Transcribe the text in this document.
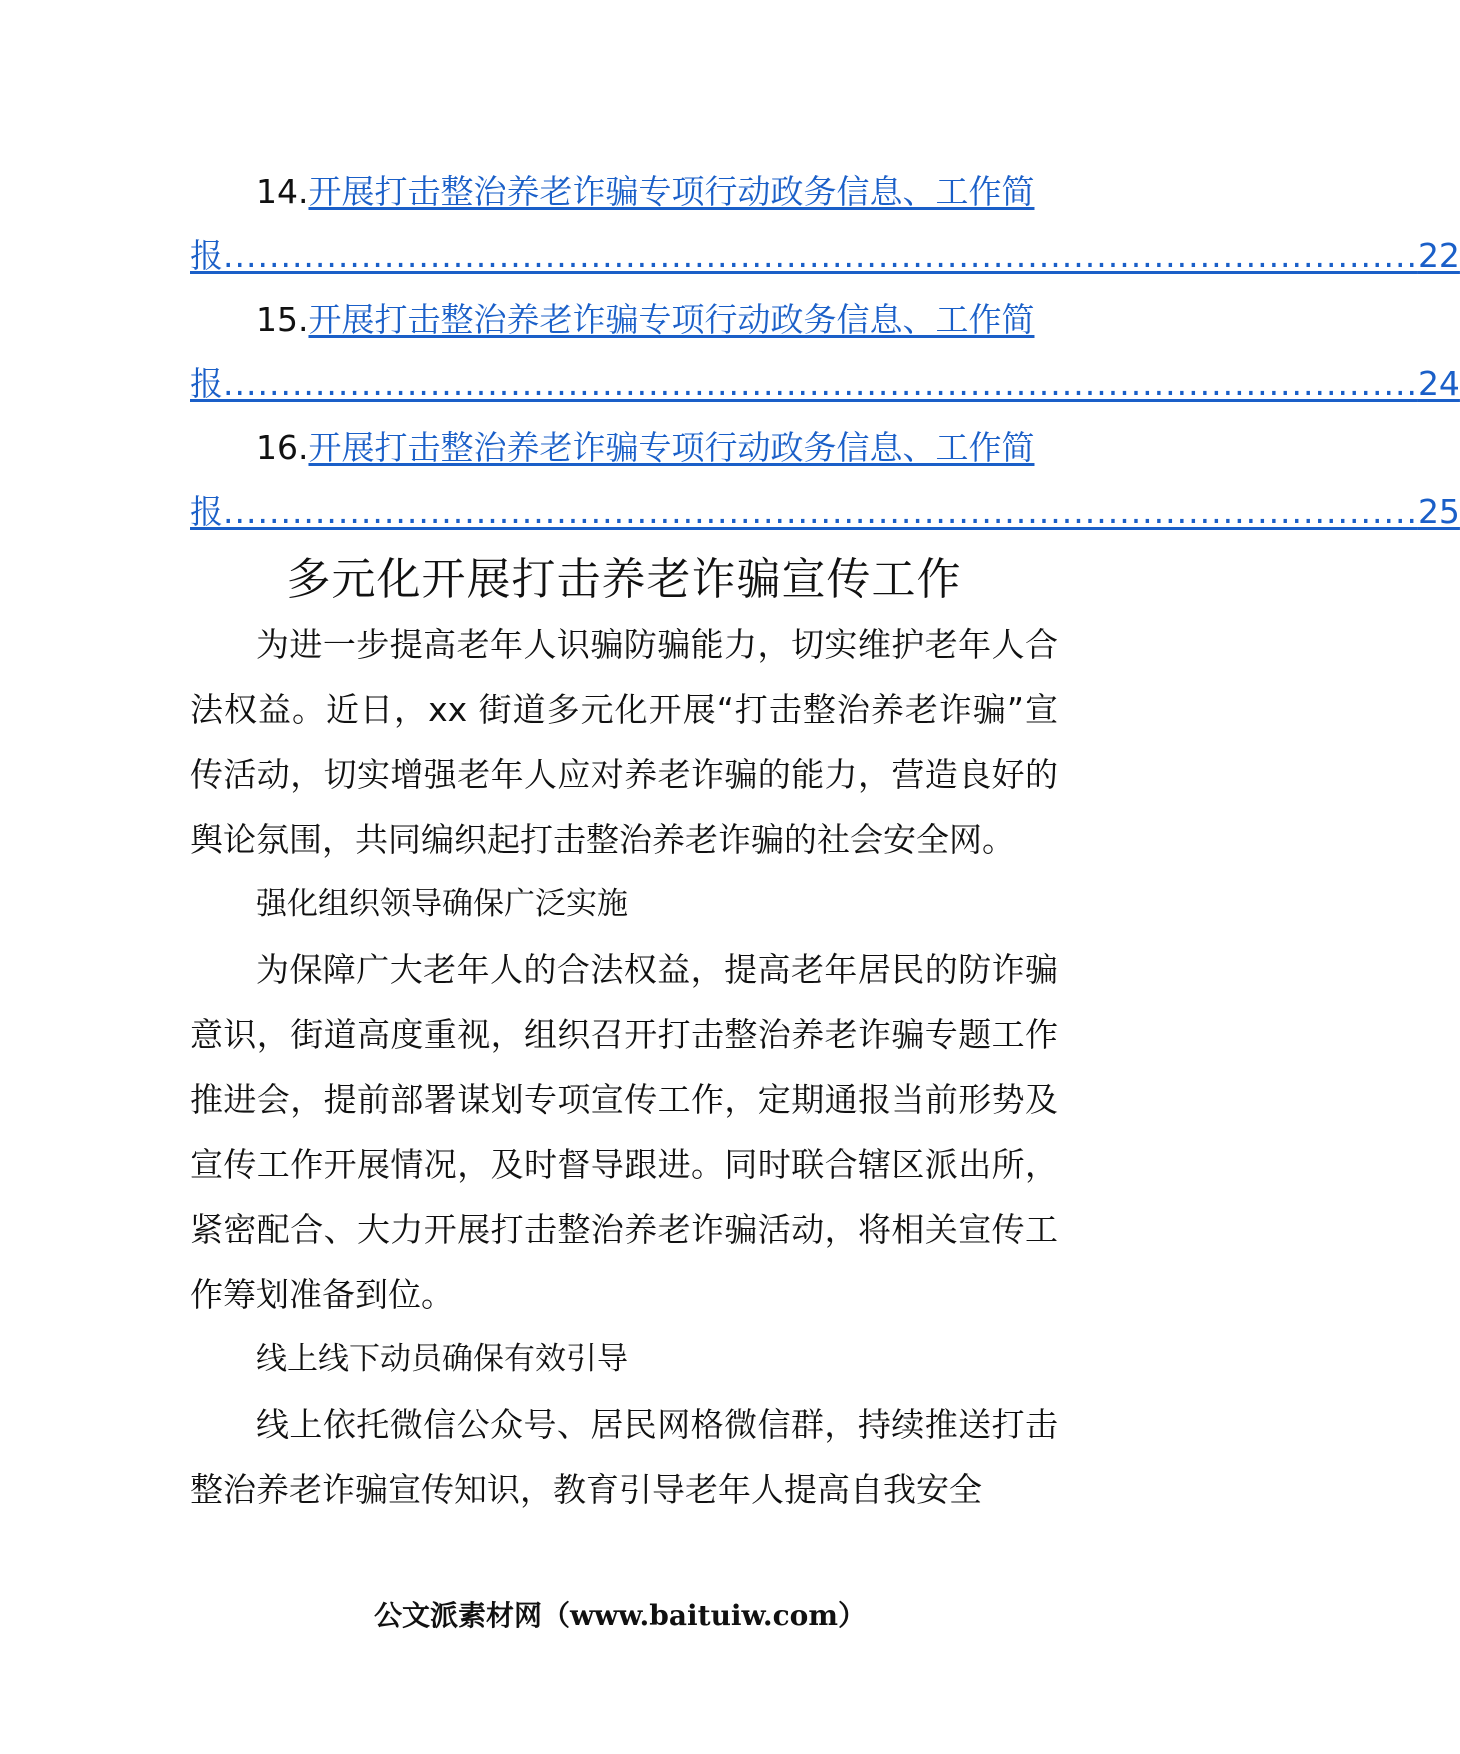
14.开展打击整治养老诈骗专项行动政务信息、工作简
报 ........................................................................................................ 22
15.开展打击整治养老诈骗专项行动政务信息、工作简
报 ........................................................................................................ 24
16.开展打击整治养老诈骗专项行动政务信息、工作简
报 ........................................................................................................ 25
多元化开展打击养老诈骗宣传工作

为进一步提高老年人识骗防骗能力，切实维护老年人合法权益。近日，xx 街道多元化开展“打击整治养老诈骗”宣传活动，切实增强老年人应对养老诈骗的能力，营造良好的舆论氛围，共同编织起打击整治养老诈骗的社会安全网。

强化组织领导确保广泛实施

为保障广大老年人的合法权益，提高老年居民的防诈骗意识，街道高度重视，组织召开打击整治养老诈骗专题工作推进会，提前部署谋划专项宣传工作，定期通报当前形势及宣传工作开展情况，及时督导跟进。同时联合辖区派出所，紧密配合、大力开展打击整治养老诈骗活动，将相关宣传工作筹划准备到位。

线上线下动员确保有效引导

线上依托微信公众号、居民网格微信群，持续推送打击整治养老诈骗宣传知识，教育引导老年人提高自我安全

公文派素材网（www.baituiw.com）
